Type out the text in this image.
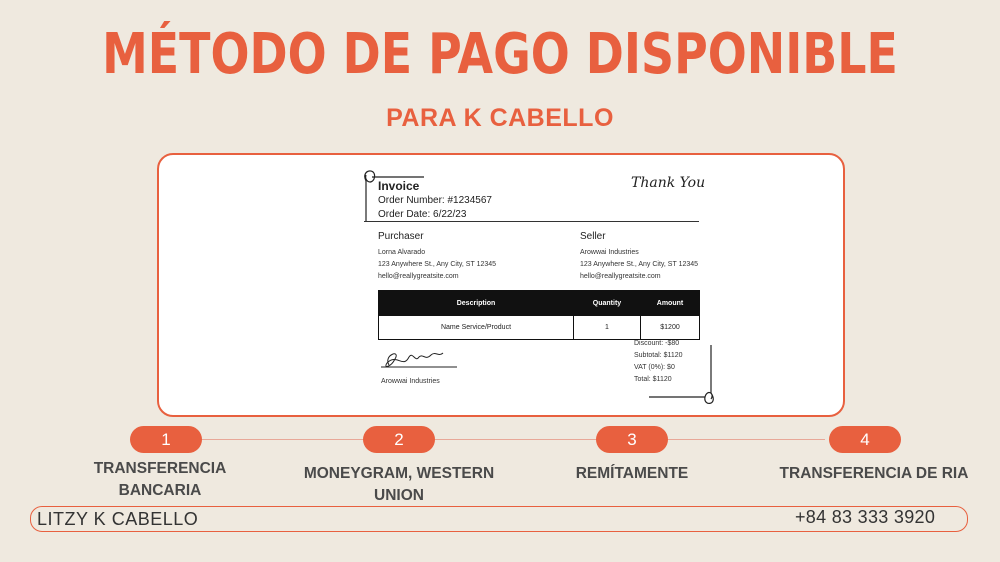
MÉTODO DE PAGO DISPONIBLE
PARA K CABELLO
Invoice
Order Number: #1234567
Order Date: 6/22/23
Thank You
Purchaser
Lorna Alvarado
123 Anywhere St., Any City, ST 12345
hello@reallygreatsite.com
Seller
Arowwai Industries
123 Anywhere St., Any City, ST 12345
hello@reallygreatsite.com
Description	Quantity	Amount
Name Service/Product	1	$1200
Arowwai Industries
Discount: -$80
Subtotal: $1120
VAT (0%): $0
Total: $1120
1	2	3	4
TRANSFERENCIA
BANCARIA
MONEYGRAM, WESTERN
UNION
REMÍTAMENTE	TRANSFERENCIA DE RIA
LITZY K CABELLO	+84 83 333 3920
